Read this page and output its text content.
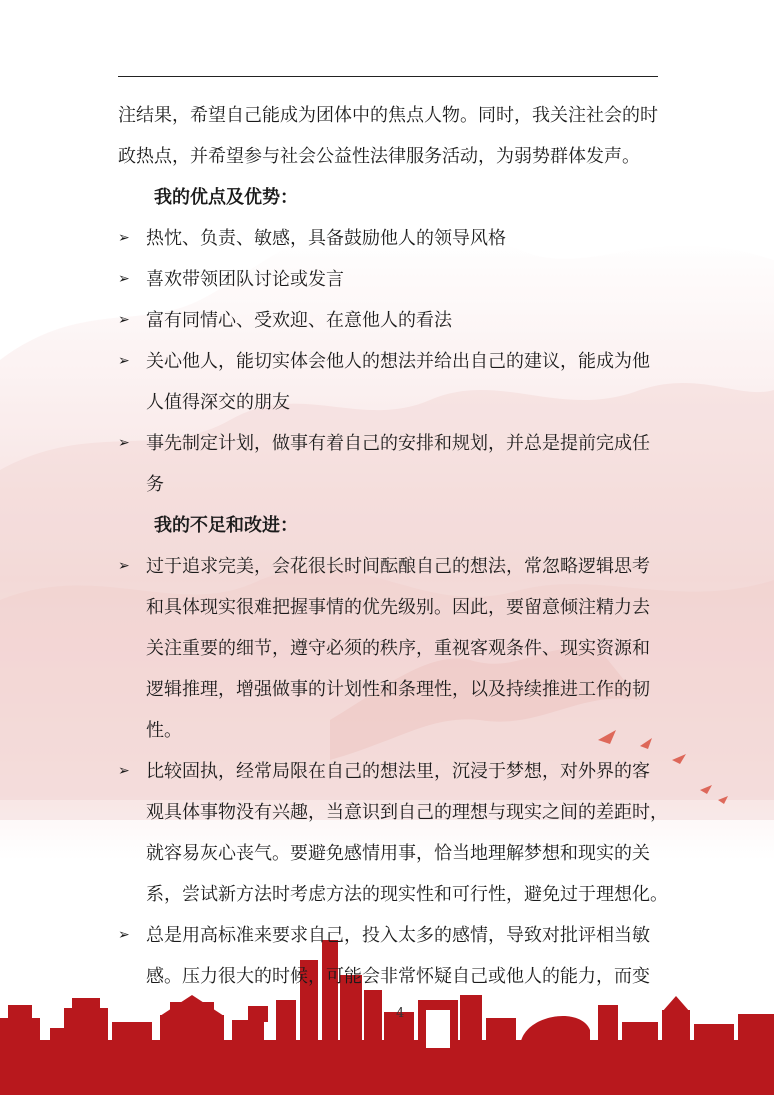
注结果，希望自己能成为团体中的焦点人物。同时，我关注社会的时
政热点，并希望参与社会公益性法律服务活动，为弱势群体发声。
我的优点及优势：
➢ 热忱、负责、敏感，具备鼓励他人的领导风格
➢ 喜欢带领团队讨论或发言
➢ 富有同情心、受欢迎、在意他人的看法
➢ 关心他人，能切实体会他人的想法并给出自己的建议，能成为他
人值得深交的朋友
➢ 事先制定计划，做事有着自己的安排和规划，并总是提前完成任
务
我的不足和改进：
➢ 过于追求完美，会花很长时间酝酿自己的想法，常忽略逻辑思考
和具体现实很难把握事情的优先级别。因此，要留意倾注精力去
关注重要的细节，遵守必须的秩序，重视客观条件、现实资源和
逻辑推理，增强做事的计划性和条理性，以及持续推进工作的韧
性。
➢ 比较固执，经常局限在自己的想法里，沉浸于梦想，对外界的客
观具体事物没有兴趣，当意识到自己的理想与现实之间的差距时，
就容易灰心丧气。要避免感情用事，恰当地理解梦想和现实的关
系，尝试新方法时考虑方法的现实性和可行性，避免过于理想化。
➢ 总是用高标准来要求自己，投入太多的感情，导致对批评相当敏
感。压力很大的时候，可能会非常怀疑自己或他人的能力，而变
4
